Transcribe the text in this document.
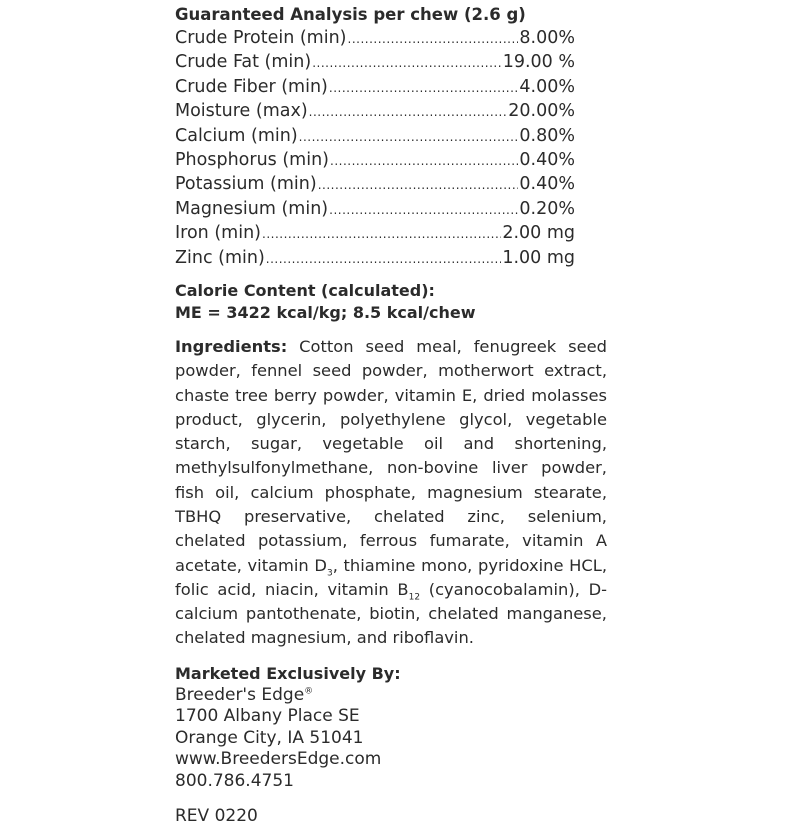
Guaranteed Analysis per chew (2.6 g)
Crude Protein (min) .....	8.00%
Crude Fat (min) .....	19.00 %
Crude Fiber (min) .....	4.00%
Moisture (max) .....	20.00%
Calcium (min) .....	0.80%
Phosphorus (min) .....	0.40%
Potassium (min) .....	0.40%
Magnesium (min) .....	0.20%
Iron (min) .....	2.00 mg
Zinc (min) .....	1.00 mg
Calorie Content (calculated):
ME = 3422 kcal/kg; 8.5 kcal/chew
Ingredients: Cotton seed meal, fenugreek seed powder, fennel seed powder, motherwort extract, chaste tree berry powder, vitamin E, dried molasses product, glycerin, polyethylene glycol, vegetable starch, sugar, vegetable oil and shortening, methylsulfonylmethane, non-bovine liver powder, fish oil, calcium phosphate, magnesium stearate, TBHQ preservative, chelated zinc, selenium, chelated potassium, ferrous fumarate, vitamin A acetate, vitamin $D_3$, thiamine mono, pyridoxine HCL, folic acid, niacin, vitamin $B_{12}$ (cyanocobalamin), D-calcium pantothenate, biotin, chelated manganese, chelated magnesium, and riboflavin.
Marketed Exclusively By:
Breeder's Edge®
1700 Albany Place SE
Orange City, IA 51041
www.BreedersEdge.com
800.786.4751
REV 0220
